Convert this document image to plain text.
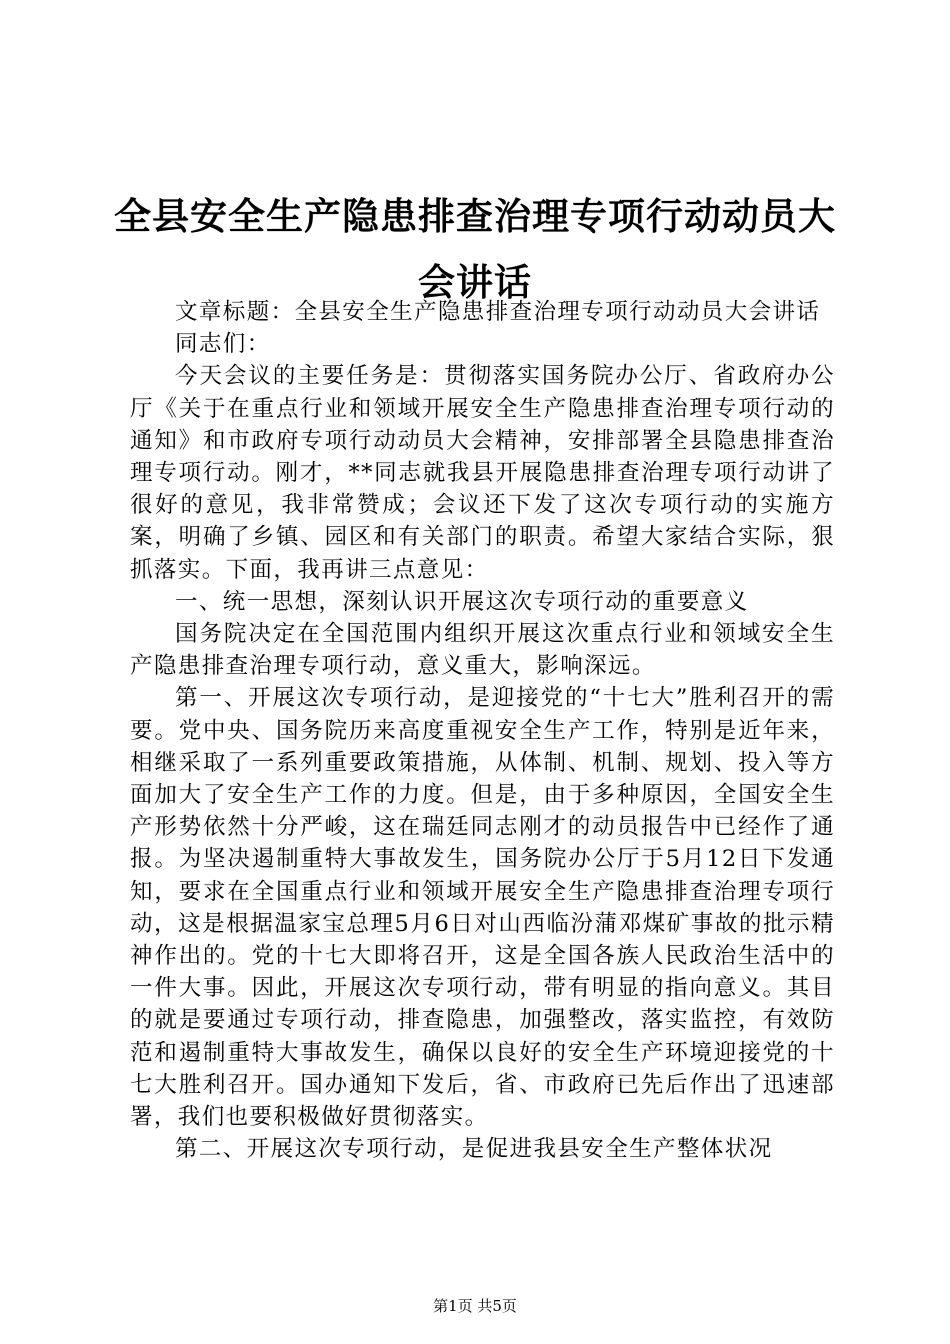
全县安全生产隐患排查治理专项行动动员大会讲话

文章标题：全县安全生产隐患排查治理专项行动动员大会讲话

同志们：

今天会议的主要任务是：贯彻落实国务院办公厅、省政府办公厅《关于在重点行业和领域开展安全生产隐患排查治理专项行动的通知》和市政府专项行动动员大会精神，安排部署全县隐患排查治理专项行动。刚才，**同志就我县开展隐患排查治理专项行动讲了很好的意见，我非常赞成；会议还下发了这次专项行动的实施方案，明确了乡镇、园区和有关部门的职责。希望大家结合实际，狠抓落实。下面，我再讲三点意见：

一、统一思想，深刻认识开展这次专项行动的重要意义

国务院决定在全国范围内组织开展这次重点行业和领域安全生产隐患排查治理专项行动，意义重大，影响深远。

第一、开展这次专项行动，是迎接党的“十七大”胜利召开的需要。党中央、国务院历来高度重视安全生产工作，特别是近年来，相继采取了一系列重要政策措施，从体制、机制、规划、投入等方面加大了安全生产工作的力度。但是，由于多种原因，全国安全生产形势依然十分严峻，这在瑞廷同志刚才的动员报告中已经作了通报。为坚决遏制重特大事故发生，国务院办公厅于5月12日下发通知，要求在全国重点行业和领域开展安全生产隐患排查治理专项行动，这是根据温家宝总理5月6日对山西临汾蒲邓煤矿事故的批示精神作出的。党的十七大即将召开，这是全国各族人民政治生活中的一件大事。因此，开展这次专项行动，带有明显的指向意义。其目的就是要通过专项行动，排查隐患，加强整改，落实监控，有效防范和遏制重特大事故发生，确保以良好的安全生产环境迎接党的十七大胜利召开。国办通知下发后，省、市政府已先后作出了迅速部署，我们也要积极做好贯彻落实。

第二、开展这次专项行动，是促进我县安全生产整体状况

第1页 共5页
